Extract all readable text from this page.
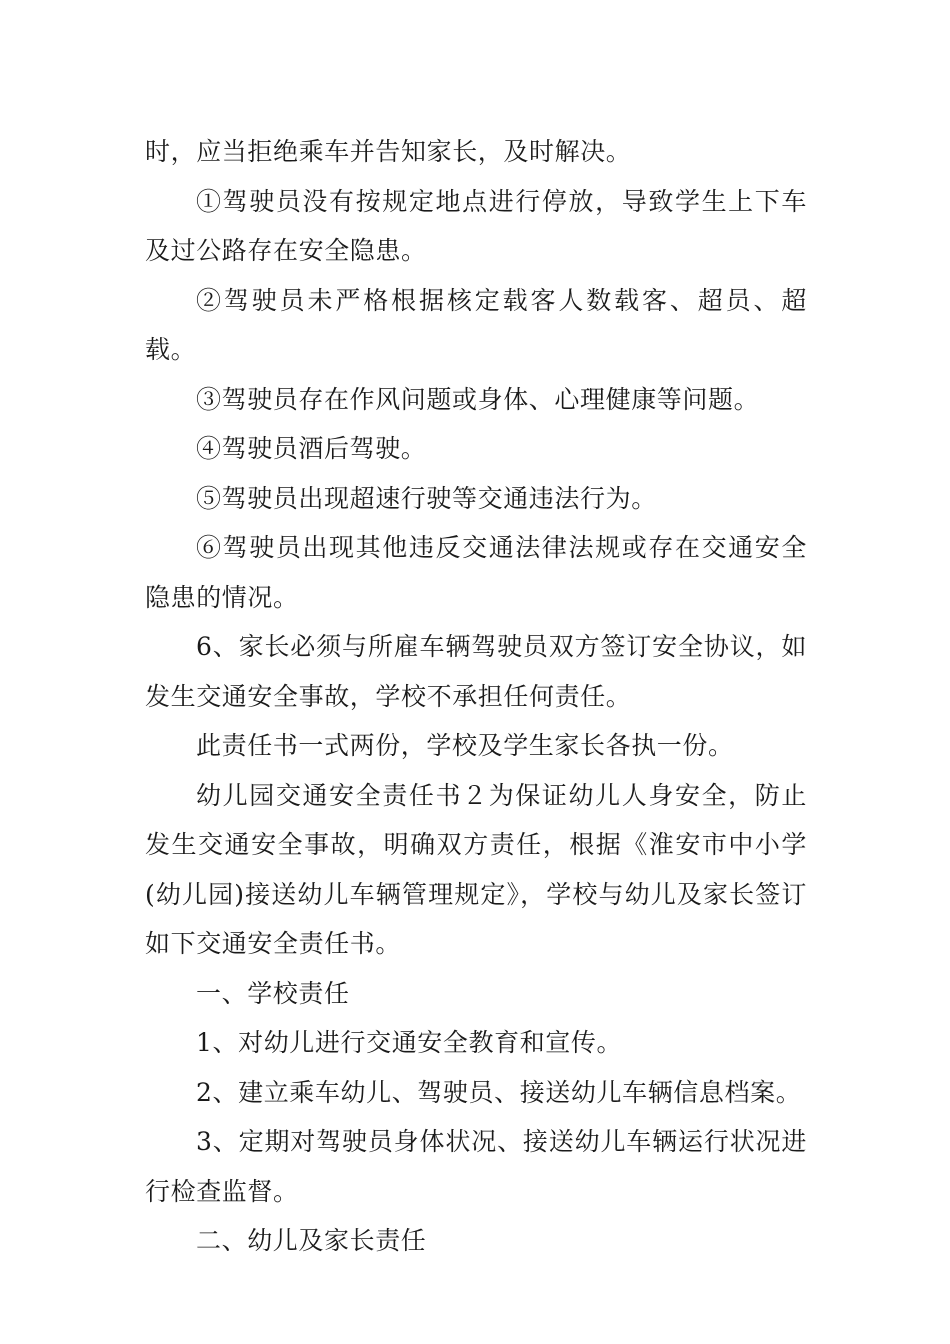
时，应当拒绝乘车并告知家长，及时解决。

①驾驶员没有按规定地点进行停放，导致学生上下车及过公路存在安全隐患。

②驾驶员未严格根据核定载客人数载客、超员、超载。

③驾驶员存在作风问题或身体、心理健康等问题。

④驾驶员酒后驾驶。

⑤驾驶员出现超速行驶等交通违法行为。

⑥驾驶员出现其他违反交通法律法规或存在交通安全隐患的情况。

6、家长必须与所雇车辆驾驶员双方签订安全协议，如发生交通安全事故，学校不承担任何责任。

此责任书一式两份，学校及学生家长各执一份。

幼儿园交通安全责任书２为保证幼儿人身安全，防止发生交通安全事故，明确双方责任，根据《淮安市中小学(幼儿园)接送幼儿车辆管理规定》，学校与幼儿及家长签订如下交通安全责任书。

一、学校责任

1、对幼儿进行交通安全教育和宣传。

2、建立乘车幼儿、驾驶员、接送幼儿车辆信息档案。

3、定期对驾驶员身体状况、接送幼儿车辆运行状况进行检查监督。

二、幼儿及家长责任
